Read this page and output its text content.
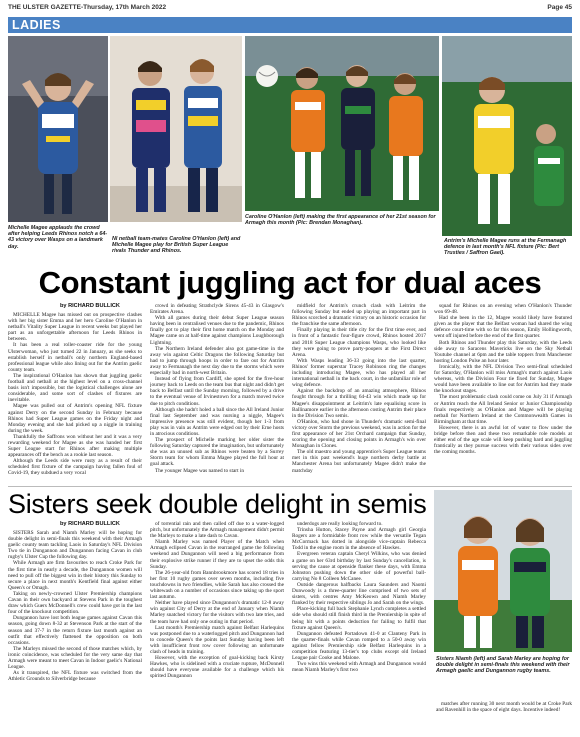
THE ULSTER GAZETTE-Thursday, 17th March 2022	Page 45
LADIES
Michelle Magee applauds the crowd after helping Leeds Rhinos notch a 64-43 victory over Wasps on a landmark day.
NI netball team-mates Caroline O'Hanlon (left) and Michelle Magee play for British Super League rivals Thunder and Rhinos.
Caroline O'Hanlon (left) making the first appearance of her 21st season for Armagh this month (Pic: Brendan Monaghan).
Antrim's Michelle Magee runs at the Fermanagh defence in last month's NFL fixture (Pic: Bert Trusties / Saffron Gael).
Constant juggling act for dual aces
by RICHARD BULLICK

MICHELLE Magee has missed out on prospective clashes with her big sister Emma and her hero Caroline O'Hanlon in netball's Vitality Super League in recent weeks but played her part as an unforgettable afternoon for Leeds Rhinos in between.

It has been a real roller-coaster ride for the young Ulsterwoman, who just turned 22 in January, as she seeks to establish herself in netball's only northern England-based professional league while also lining out for the Antrim gaelic county team.

The inspirational O'Hanlon has shown that juggling gaelic football and netball at the highest level on a cross-channel basis isn't impossible, but the logistical challenges alone are considerable, and some sort of clashes of fixtures are inevitable.

Magee was pulled out of Antrim's opening NFL fixture against Derry on the second Sunday in February because Rhinos had Super League games on the Friday night and Monday evening and she had picked up a niggle in training during the week.

Thankfully the Saffrons won without her and it was a very rewarding weekend for Magee as she was handed her first Super League start for Rhinos after making multiple appearances off the bench as a rookie last season.

Although the Leeds side were rusty as a result of their scheduled first fixture of the campaign having fallen foul of Covid-19, they subdued a very vocal

crowd in defeating Strathclyde Sirens 45-43 in Glasgow's Emirates Arena.

With all games during their debut Super League season having been in centralised venues due to the pandemic, Rhinos finally got to play their first home match on the Monday and Magee came on at half-time against champions Loughborough Lightning.

The Northern Ireland defender also got game-time in the away win against Celtic Dragons the following Saturday but had to jump through hoops in order to fare out for Antrim away to Fermanagh the next day due to the storms which were especially bad in north-west Britain.

Instead of flying from Cardiff, she opted for the five-hour journey back to Leeds on the team bus that night and didn't get back to Belfast until the Sunday morning, followed by a drive to the eventual venue of Irvinestown for a match moved twice due to pitch conditions.

Although she hadn't holed a ball since the All Ireland Junior final last September and was nursing a niggle, Magee's impressive presence was still evident, though her 1-3 from play was in vain as Antrim were edged out by their Erne hosts in atrocious conditions.

The prospect of Michelle marking her older sister the following Saturday captured the imagination, but unfortunately she was an unused sub as Rhinos were beaten by a Surrey Storm team for whom Emma Magee played the full hour at goal attack.

The younger Magee was named to start in

midfield for Antrim's crunch clash with Leitrim the following Sunday but ended up playing an important part in Rhinos scorched a dramatic victory on an historic occasion for the franchise the same afternoon.

Finally playing in their title city for the first time ever, and in front of a fantastic four-figure crowd, Rhinos hosted 2017 and 2018 Super League champions Wasps, who looked like they were going to prove party-poopers at the First Direct Arena.

With Wasps leading 36-33 going into the last quarter, Rhinos' former superstar Tracey Robinson ring the changes including introducing Magee, who has played all her international netball in the back court, in the unfamiliar role of wing defence.

Against the backdrop of an amazing atmosphere, Rhinos fought through for a thrilling 64-43 win which made up for Magee's disappointment at Leitrim's late equalising score in Ballinamore earlier in the afternoon costing Antrim their place in the Division Two semis.

O'Hanlon, who had shone in Thunder's dramatic semi-final victory over Storm the previous weekend, was in action for the first appearance of her 21st Orchard campaign that Sunday, scoring the opening and closing points in Armagh's win over Monaghan in Clones.

The old maestro and young apprentice's Super League teams met in this past weekend's huge northern derby battle at Manchester Arena but unfortunately Magee didn't make the matchday

squad for Rhinos on an evening when O'Hanlon's Thunder won 69-48.

Had she been in the 12, Magee would likely have featured given as the player that the Belfast woman had shared the wing defence court-time with so far this season, Emily Hollingworth, went off injured before the end of the first quarter.

Both Rhinos and Thunder play this Saturday, with the Leeds side away to Saracens Mavericks live on the Sky Netball Youtube channel at 6pm and the table toppers from Manchester hosting London Pulse an hour later.

Ironically, with the NFL Division Two semi-final scheduled for Saturday, O'Hanlon will miss Armagh's match against Laois whereas, with the Division Four tie fixed for Sunday, Magee would have been available to line out for Antrim had they made the knockout stages.

The most problematic clash could come on July 31 if Armagh or Antrim reach the All Ireland Senior or Junior Championship finals respectively as O'Hanlon and Magee will be playing netball for Northern Ireland at the Commonwealth Games in Birmingham at that time.

However, there is an awful lot of water to flow under the bridge before then and these two remarkable role models at either end of the age scale will keep pushing hard and juggling frantically as they pursue success with their various sides over the coming months.

Sisters seek double delight in semis
by RICHARD BULLICK

SISTERS Sarah and Niamh Marley will be hoping for double delight in semi-finals this weekend with their Armagh gaelic county team tackling Laois in Saturday's NFL Division Two tie in Dungannon and Dungannon facing Cavan in club rugby's Ulster Cup the following day.

While Armagh are firm favourites to reach Croke Park for the first time in nearly a decade, the Dungannon women will need to pull off the biggest win in their history this Sunday to secure a place in next month's Kentfield final against either Queen's or Omagh.

Taking on newly-crowned Ulster Premiership champions Cavan in their own backyard at Stevens Park in the toughest draw which Guers McDonnell's crew could have got in the last four of the knockout competition.

Dungannon have lost both league games against Cavan this season, going down 8-32 at Stevenson Park at the start of the season and 37-7 in the return fixture last month against an outfit that effectively flattened the opposition on both occasions.

The Marleys missed the second of those matches which, by ironic coincidence, was scheduled for the very same day that Armagh were meant to meet Cavan in Indoor gaelic's National League.

As it transpired, the NFL fixture was switched from the Athletic Grounds to Silverbridge because

of torrential rain and then called off due to a water-logged pitch, but unfortunately the Armagh management didn't permit the Marleys to make a late dash to Cavan.

Niamh Marley was named Player of the Match when Armagh eclipsed Cavan in the rearranged game the following weekend and Dungannon will need a big performance from their explosive strike runner if they are to upset the odds this Sunday.

The 26-year-old from Bannbrookmore has scored 18 tries in her first 10 rugby games over seven months, including five touchdowns in two friendlies, while Sarah has also crossed the whitewash on a number of occasions since taking up the sport last autumn.

Neither have played since Dungannon's dramatic 12-8 away win against City of Derry at the end of January when Niamh Marley snatched victory for the visitors with two late tries, and the team have had only one outing in that period.

Last month's Premiership match against Belfast Harlequins was postponed due to a waterlogged pitch and Dungannon had to concede Queen's the points last Sunday having been left with insufficient front row cover following an unfortunate clash of heads in training.

However, with the exception of goal-kicking back Kirsty Hawkes, who is sidelined with a cruciate rupture, McDonnell should have everyone available for a challenge which his spirited Dungannon

underdogs are really looking forward to.

Trinsha Hutton, Stacey Payne and Armagh girl Georgia Rogers are a formidable front row while the versatile Tegan McCormack has dotted in alongside vice-captain Rebecca Todd in the engine room in the absence of Hawkes.

Evergreen veteran captain Cheryl Wilkins, who was denied a game on her 63rd birthday by last Sunday's cancellation, is serving the cause at openside flanker these days, with Emma Johnston pushing down the other side of powerful ball-carrying No 8 Colleen McCanee.

Outside dangerous halfbacks Laura Saunders and Naomi Dunwoody is a three-quarter line comprised of two sets of sisters, with centres Amy McKeown and Niamh Marley flanked by their respective siblings Jo and Sarah on the wings.

Place-kicking full back Stephanie Lynch completes a settled side who should still finish third in the Premiership in spite of being hit with a points deduction for failing to fulfil that fixture against Queen's.

Dungannon defeated Portadown 41-0 at Clanteny Park in the quarter-finals while Cavan romped to a 50-0 away win against fellow Premiership side Belfast Harlequins in a competition featuring 13-tier's top clubs except old Ireland League pair Cooke and Malone.

Two wins this weekend with Armagh and Dungannon would mean Niamh Marley's first two

Sisters Niamh (left) and Sarah Marley are hoping for double delight in semi-finals this weekend with their Armagh gaelic and Dungannon rugby teams.

matches after running 30 next month would be at Croke Park and Ravenhill in the space of eight days. Incentive indeed!
